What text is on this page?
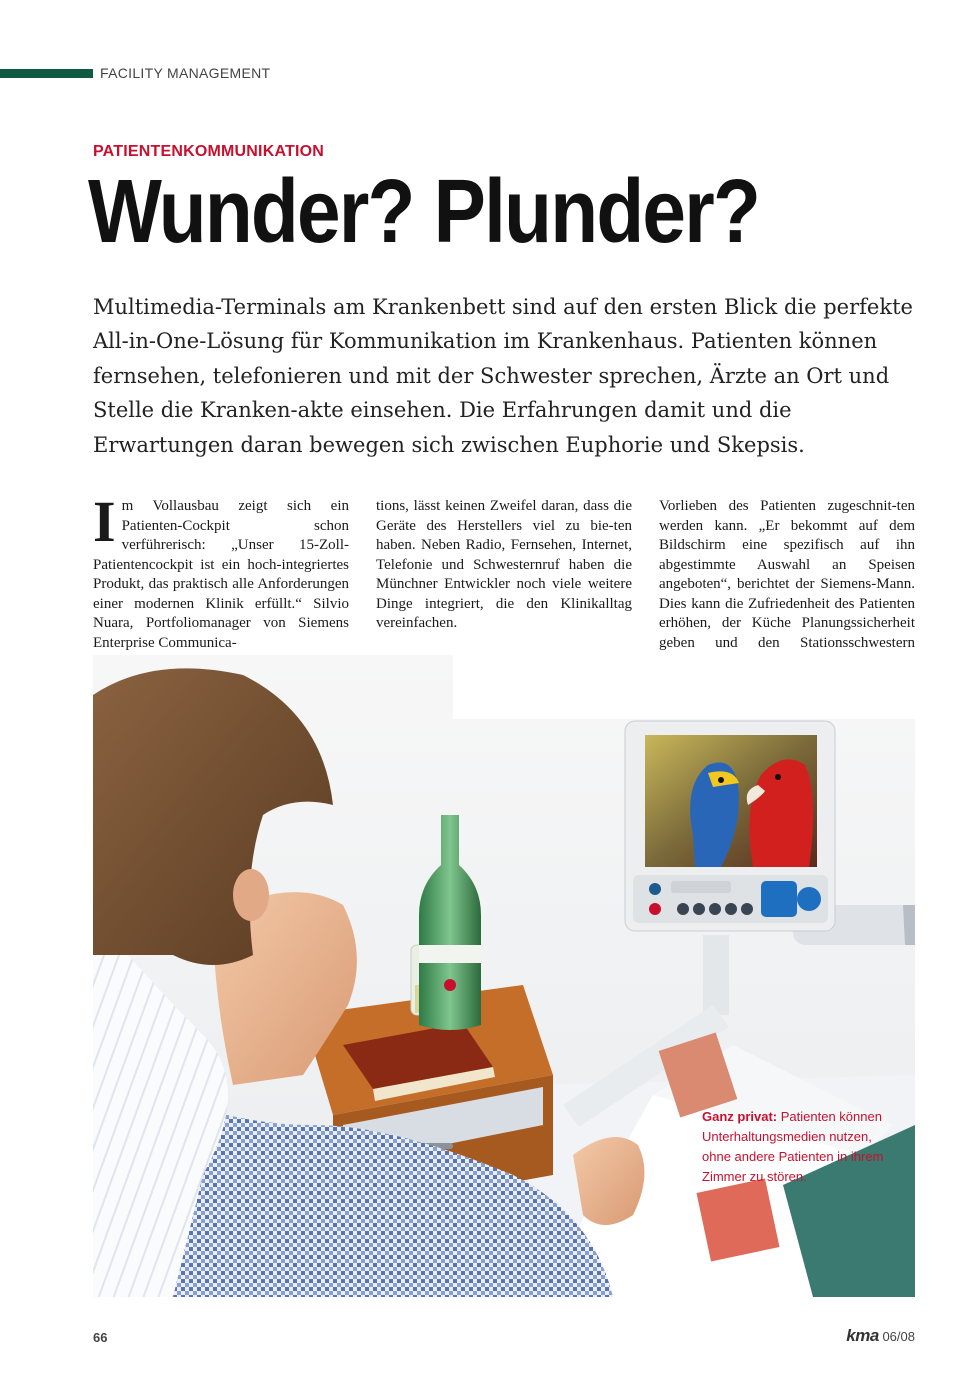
FACILITY MANAGEMENT
PATIENTENKOMMUNIKATION
Wunder? Plunder?

Multimedia-Terminals am Krankenbett sind auf den ersten Blick die perfekte All-in-One-Lösung für Kommunikation im Krankenhaus. Patienten können fernsehen, telefonieren und mit der Schwester sprechen, Ärzte an Ort und Stelle die Kranken-akte einsehen. Die Erfahrungen damit und die Erwartungen daran bewegen sich zwischen Euphorie und Skepsis.

Im Vollausbau zeigt sich ein Patienten-Cockpit schon verführerisch: „Unser 15-Zoll-Patientencockpit ist ein hoch-integriertes Produkt, das praktisch alle Anforderungen einer modernen Klinik erfüllt.“ Silvio Nuara, Portfoliomanager von Siemens Enterprise Communica-

tions, lässt keinen Zweifel daran, dass die Geräte des Herstellers viel zu bie-ten haben. Neben Radio, Fernsehen, Internet, Telefonie und Schwesternruf haben die Münchner Entwickler noch viele weitere Dinge integriert, die den Klinikalltag vereinfachen.

Vorlieben des Patienten zugeschnit-ten werden kann. „Er bekommt auf dem Bildschirm eine spezifisch auf ihn abgestimmte Auswahl an Speisen angeboten“, berichtet der Siemens-Mann. Dies kann die Zufriedenheit des Patienten erhöhen, der Küche Planungssicherheit geben und den Stationsschwestern

Ganz privat: Patienten können Unterhaltungsmedien nutzen, ohne andere Patienten in ihrem Zimmer zu stören.
66	kma 06/08
